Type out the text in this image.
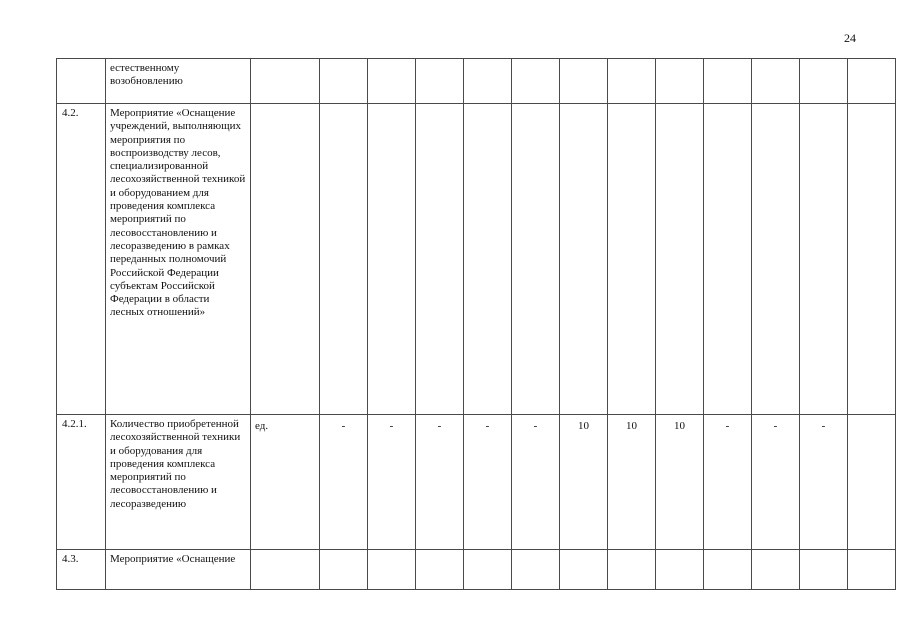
24
	естественному возобновлению													
4.2.	Мероприятие «Оснащение учреждений, выполняющих мероприятия по воспроизводству лесов, специализированной лесохозяйственной техникой и оборудованием для проведения комплекса мероприятий по лесовосстановлению и лесоразведению в рамках переданных полномочий Российской Федерации субъектам Российской Федерации в области лесных отношений»													
4.2.1.	Количество приобретенной лесохозяйственной техники и оборудования для проведения комплекса мероприятий по лесовосстановлению и лесоразведению	ед.	-	-	-	-	-	10	10	10	-	-	-	
4.3.	Мероприятие «Оснащение													
